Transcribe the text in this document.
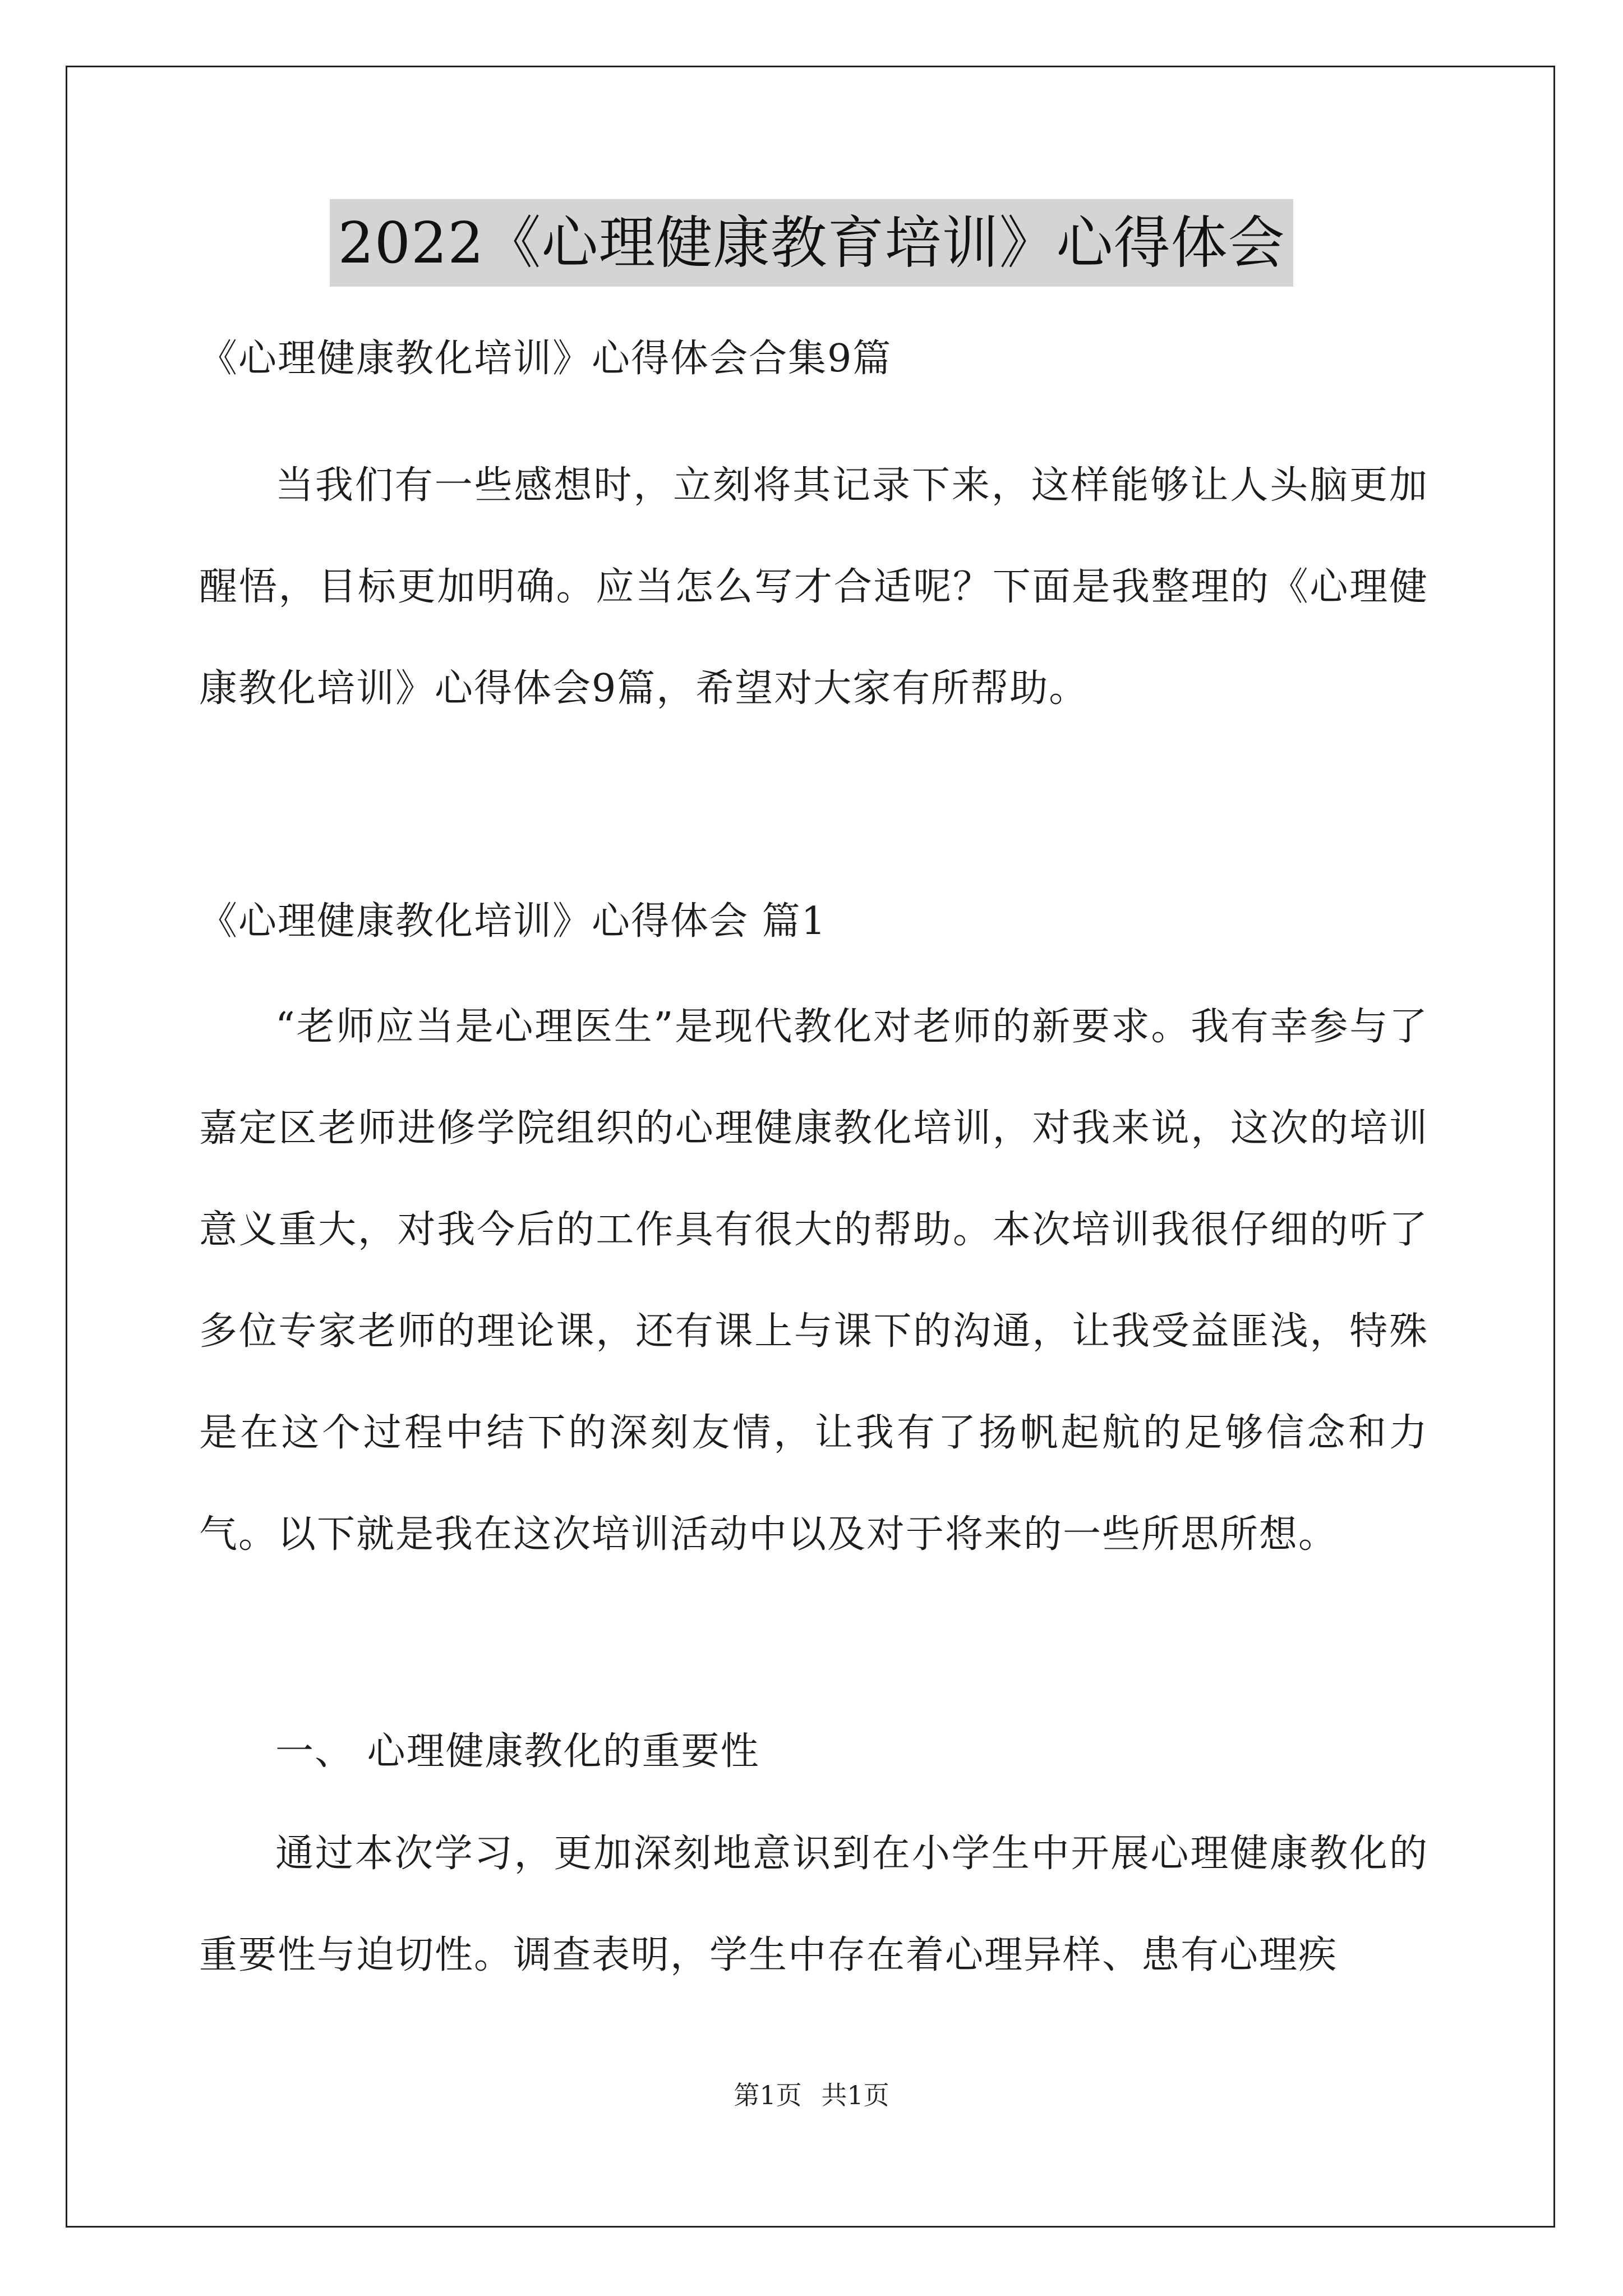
2022《心理健康教育培训》心得体会

《心理健康教化培训》心得体会合集9篇

当我们有一些感想时，立刻将其记录下来，这样能够让人头脑更加醒悟，目标更加明确。应当怎么写才合适呢？下面是我整理的《心理健康教化培训》心得体会9篇，希望对大家有所帮助。

《心理健康教化培训》心得体会 篇1

“老师应当是心理医生”是现代教化对老师的新要求。我有幸参与了嘉定区老师进修学院组织的心理健康教化培训，对我来说，这次的培训意义重大，对我今后的工作具有很大的帮助。本次培训我很仔细的听了多位专家老师的理论课，还有课上与课下的沟通，让我受益匪浅，特殊是在这个过程中结下的深刻友情，让我有了扬帆起航的足够信念和力气。以下就是我在这次培训活动中以及对于将来的一些所思所想。

一、 心理健康教化的重要性

通过本次学习，更加深刻地意识到在小学生中开展心理健康教化的重要性与迫切性。调查表明，学生中存在着心理异样、患有心理疾

第1页 共1页
